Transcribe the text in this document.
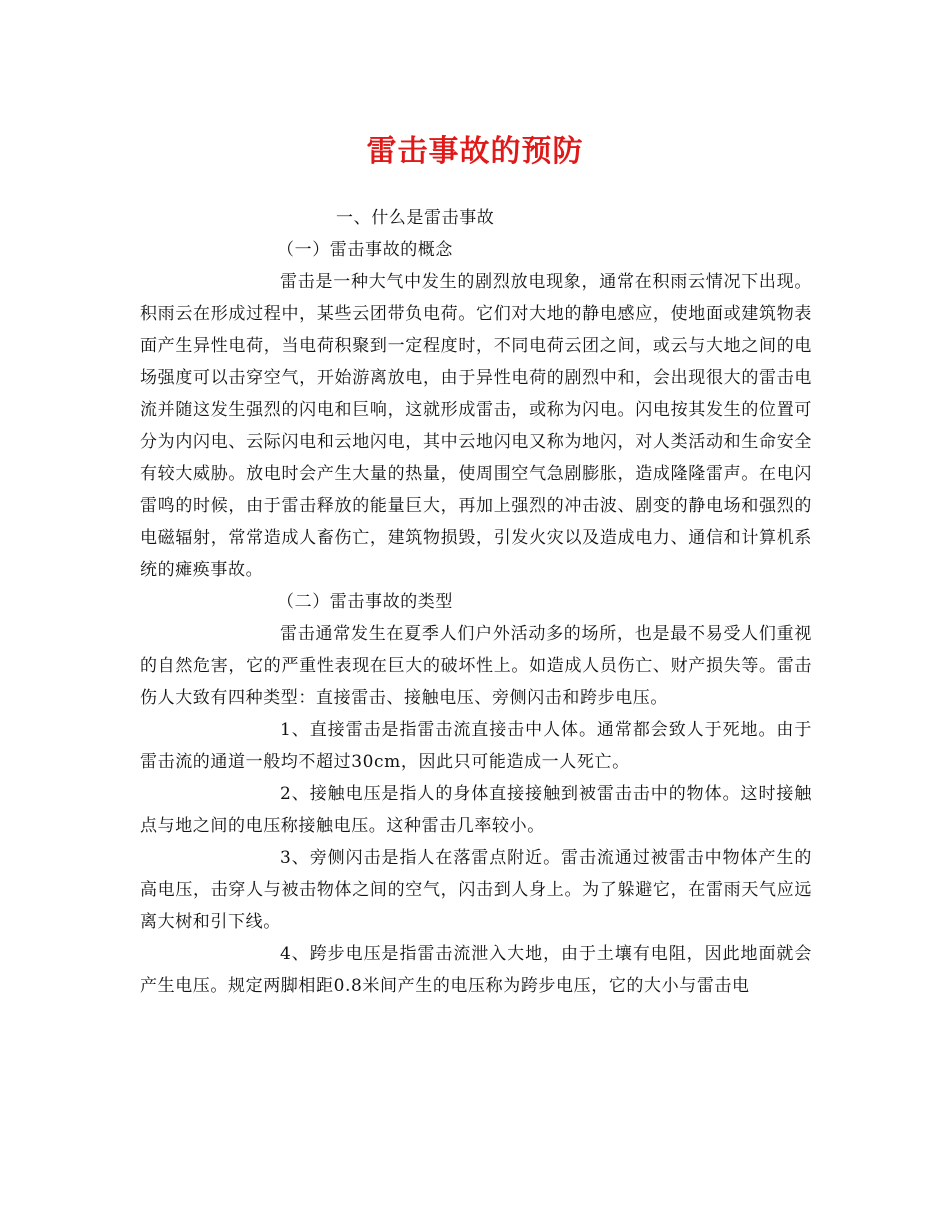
雷击事故的预防

一、什么是雷击事故

（一）雷击事故的概念

雷击是一种大气中发生的剧烈放电现象，通常在积雨云情况下出现。积雨云在形成过程中，某些云团带负电荷。它们对大地的静电感应，使地面或建筑物表面产生异性电荷，当电荷积聚到一定程度时，不同电荷云团之间，或云与大地之间的电场强度可以击穿空气，开始游离放电，由于异性电荷的剧烈中和，会出现很大的雷击电流并随这发生强烈的闪电和巨响，这就形成雷击，或称为闪电。闪电按其发生的位置可分为内闪电、云际闪电和云地闪电，其中云地闪电又称为地闪，对人类活动和生命安全有较大威胁。放电时会产生大量的热量，使周围空气急剧膨胀，造成隆隆雷声。在电闪雷鸣的时候，由于雷击释放的能量巨大，再加上强烈的冲击波、剧变的静电场和强烈的电磁辐射，常常造成人畜伤亡，建筑物损毁，引发火灾以及造成电力、通信和计算机系统的瘫痪事故。

（二）雷击事故的类型

雷击通常发生在夏季人们户外活动多的场所，也是最不易受人们重视的自然危害，它的严重性表现在巨大的破坏性上。如造成人员伤亡、财产损失等。雷击伤人大致有四种类型：直接雷击、接触电压、旁侧闪击和跨步电压。

1、直接雷击是指雷击流直接击中人体。通常都会致人于死地。由于雷击流的通道一般均不超过30cm，因此只可能造成一人死亡。

2、接触电压是指人的身体直接接触到被雷击击中的物体。这时接触点与地之间的电压称接触电压。这种雷击几率较小。

3、旁侧闪击是指人在落雷点附近。雷击流通过被雷击中物体产生的高电压，击穿人与被击物体之间的空气，闪击到人身上。为了躲避它，在雷雨天气应远离大树和引下线。

4、跨步电压是指雷击流泄入大地，由于土壤有电阻，因此地面就会产生电压。规定两脚相距0.8米间产生的电压称为跨步电压，它的大小与雷击电
